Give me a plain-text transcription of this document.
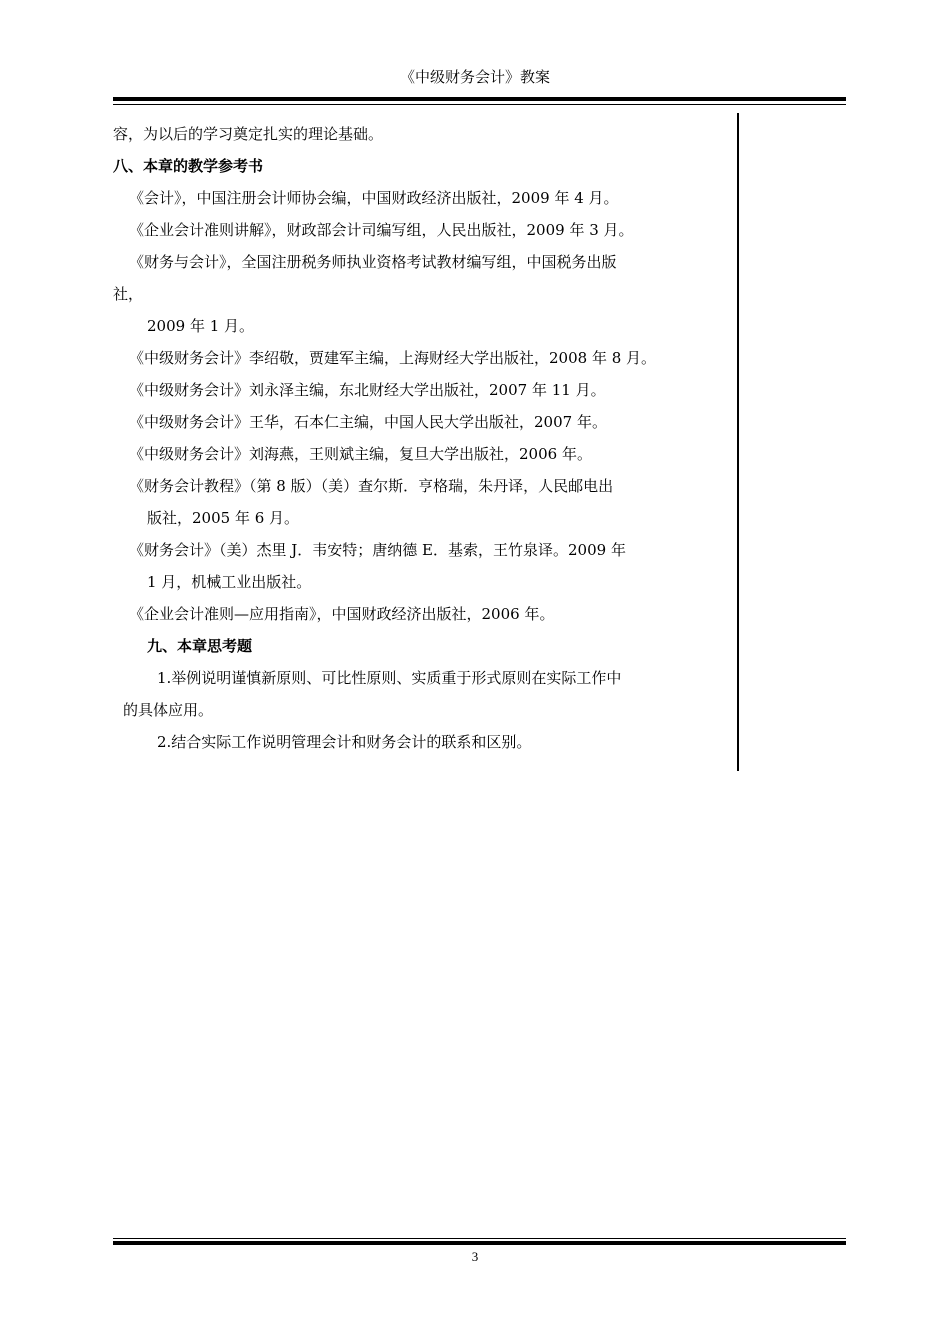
《中级财务会计》教案
容，为以后的学习奠定扎实的理论基础。
八、本章的教学参考书
《会计》，中国注册会计师协会编，中国财政经济出版社，2009 年 4 月。
《企业会计准则讲解》，财政部会计司编写组，人民出版社，2009 年 3 月。
《财务与会计》，全国注册税务师执业资格考试教材编写组，中国税务出版
社，
2009 年 1 月。
《中级财务会计》李绍敬，贾建军主编，上海财经大学出版社，2008 年 8 月。
《中级财务会计》刘永泽主编，东北财经大学出版社，2007 年 11 月。
《中级财务会计》王华，石本仁主编，中国人民大学出版社，2007 年。
《中级财务会计》刘海燕，王则斌主编，复旦大学出版社，2006 年。
《财务会计教程》（第 8 版）（美）查尔斯．亨格瑞，朱丹译，人民邮电出
版社，2005 年 6 月。
《财务会计》（美）杰里 J．韦安特；唐纳德 E．基索，王竹泉译。2009 年
1 月，机械工业出版社。
《企业会计准则—应用指南》，中国财政经济出版社，2006 年。
九、本章思考题
1.举例说明谨慎新原则、可比性原则、实质重于形式原则在实际工作中
的具体应用。
2.结合实际工作说明管理会计和财务会计的联系和区别。
3
